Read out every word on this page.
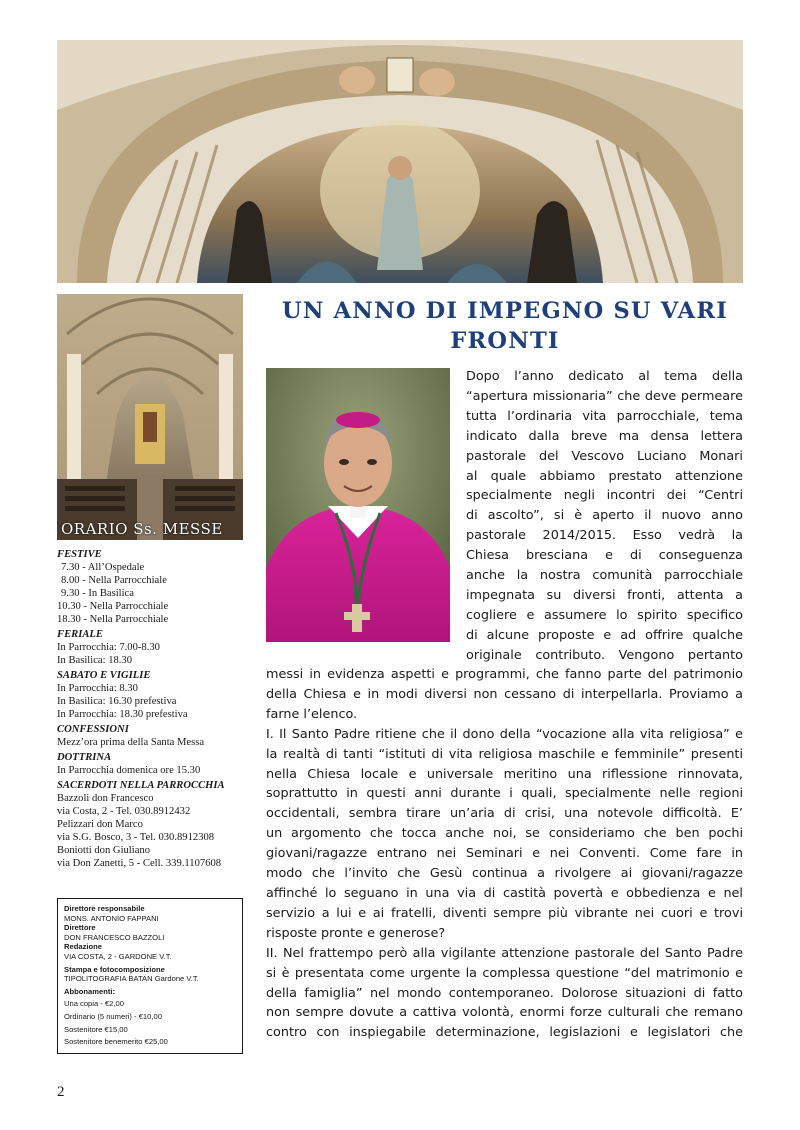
ORARIO Ss. MESSE
FESTIVE
7.30 - All’Ospedale
8.00 - Nella Parrocchiale
9.30 - In Basilica
10.30 - Nella Parrocchiale
18.30 - Nella Parrocchiale
FERIALE
In Parrocchia: 7.00-8.30
In Basilica: 18.30
SABATO E VIGILIE
In Parrocchia: 8.30
In Basilica: 16.30 prefestiva
In Parrocchia: 18.30 prefestiva
CONFESSIONI
Mezz’ora prima della Santa Messa
DOTTRINA
In Parrocchia domenica ore 15.30
SACERDOTI NELLA PARROCCHIA
Bazzoli don Francesco
via Costa, 2 - Tel. 030.8912432
Pelizzari don Marco
via S.G. Bosco, 3 - Tel. 030.8912308
Boniotti don Giuliano
via Don Zanetti, 5 - Cell. 339.1107608
Direttore responsabile
MONS. ANTONIO FAPPANI
Direttore
DON FRANCESCO BAZZOLI
Redazione
VIA COSTA, 2 - GARDONE V.T.
Stampa e fotocomposizione
TIPOLITOGRAFIA BATAN Gardone V.T.
Abbonamenti:
Una copia - €2,00
Ordinario (5 numeri) - €10,00
Sostenitore €15,00
Sostenitore benemerito €25,00
2
UN ANNO DI IMPEGNO SU VARI
FRONTI
Dopo l’anno dedicato al tema della
“apertura missionaria” che deve permeare
tutta l’ordinaria vita parrocchiale, tema
indicato dalla breve ma densa lettera
pastorale del Vescovo Luciano Monari
al quale abbiamo prestato attenzione
specialmente negli incontri dei “Centri
di ascolto”, si è aperto il nuovo anno
pastorale 2014/2015. Esso vedrà la
Chiesa bresciana e di conseguenza
anche la nostra comunità parrocchiale
impegnata su diversi fronti, attenta a
cogliere e assumere lo spirito specifico
di alcune proposte e ad offrire qualche
originale contributo. Vengono pertanto
messi in evidenza aspetti e programmi, che fanno parte del patrimonio
della Chiesa e in modi diversi non cessano di interpellarla. Proviamo a
farne l’elenco.
I. Il Santo Padre ritiene che il dono della “vocazione alla vita religiosa” e
la realtà di tanti “istituti di vita religiosa maschile e femminile” presenti
nella Chiesa locale e universale meritino una riflessione rinnovata,
soprattutto in questi anni durante i quali, specialmente nelle regioni
occidentali, sembra tirare un’aria di crisi, una notevole difficoltà. E’
un argomento che tocca anche noi, se consideriamo che ben pochi
giovani/ragazze entrano nei Seminari e nei Conventi. Come fare in
modo che l’invito che Gesù continua a rivolgere ai giovani/ragazze
affinché lo seguano in una via di castità povertà e obbedienza e nel
servizio a lui e ai fratelli, diventi sempre più vibrante nei cuori e trovi
risposte pronte e generose?
II. Nel frattempo però alla vigilante attenzione pastorale del Santo Padre
si è presentata come urgente la complessa questione “del matrimonio e
della famiglia” nel mondo contemporaneo. Dolorose situazioni di fatto
non sempre dovute a cattiva volontà, enormi forze culturali che remano
contro con inspiegabile determinazione, legislazioni e legislatori che
